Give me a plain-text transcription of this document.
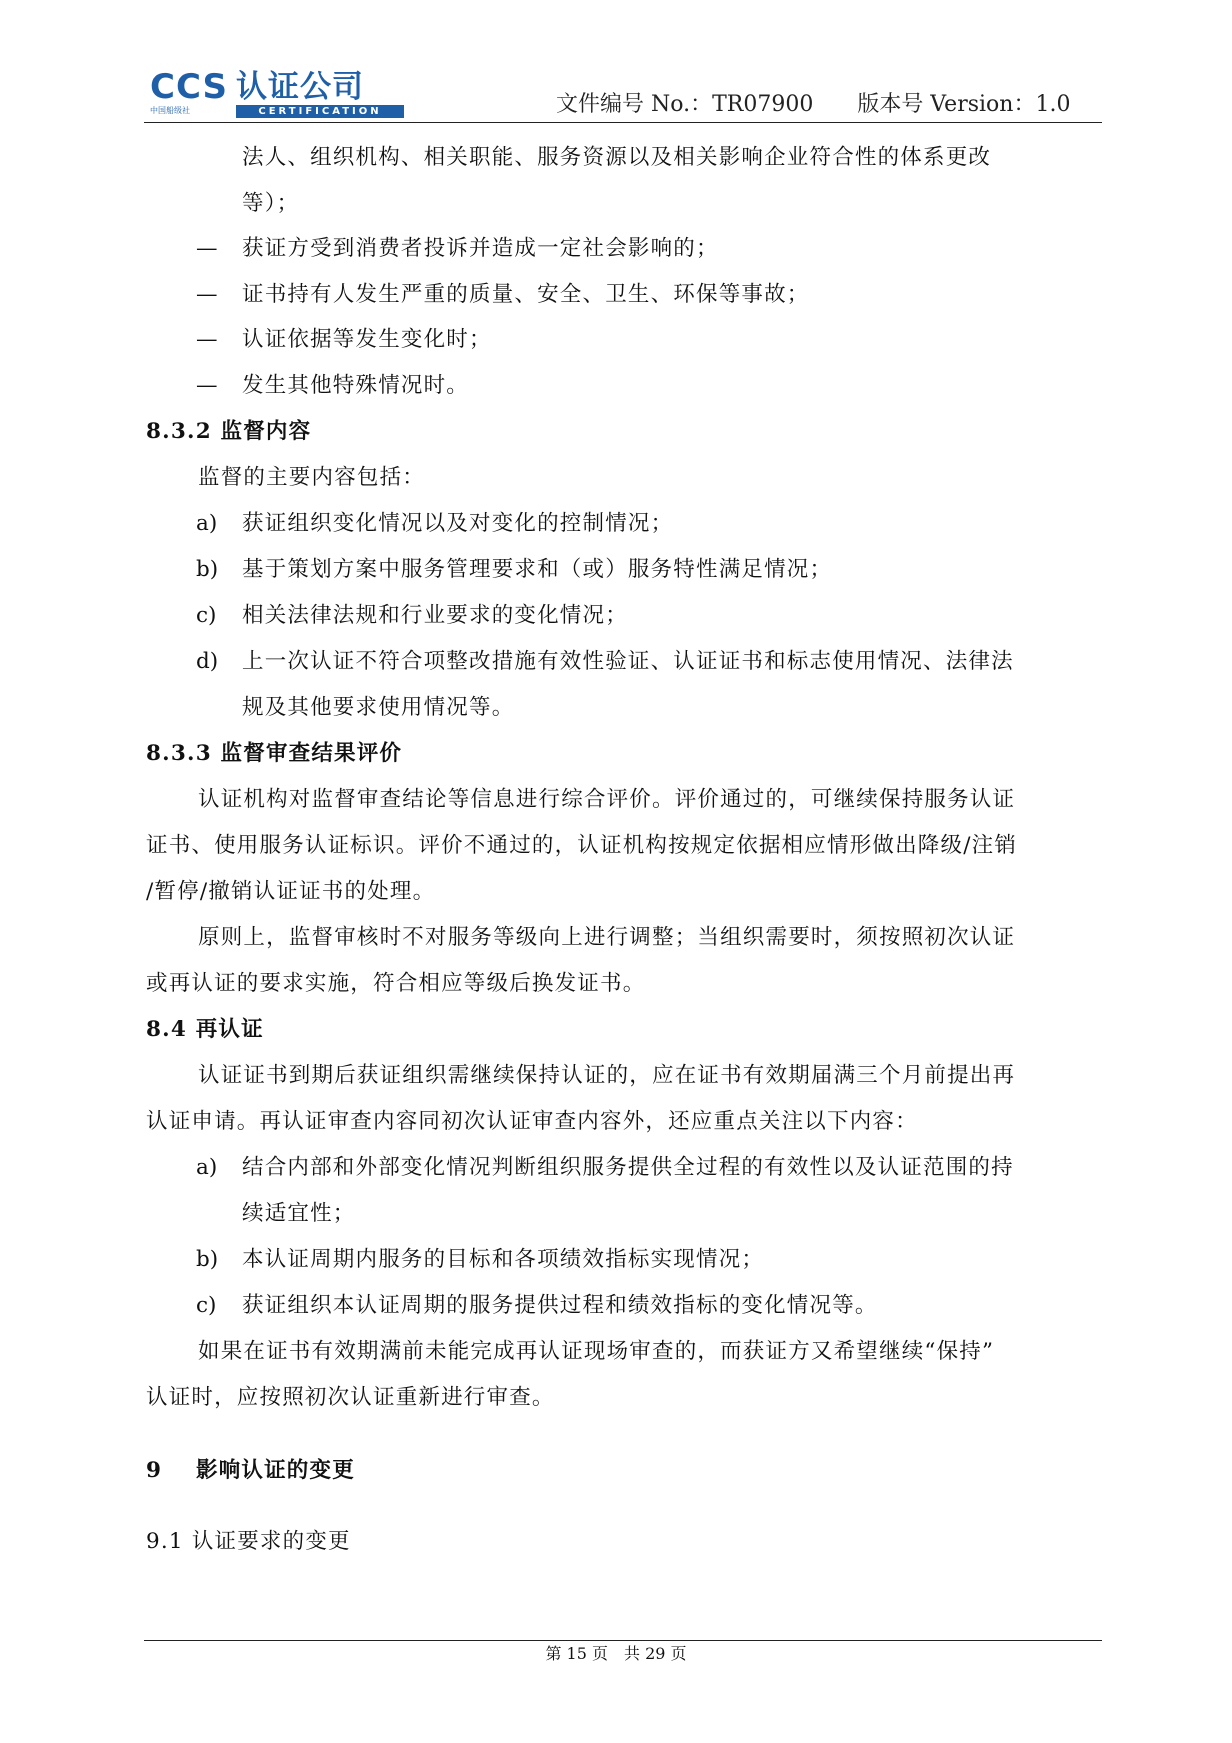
CCS
中国船级社
认证公司
CERTIFICATION	文件编号 No.：TR07900　　版本号 Version：1.0
法人、组织机构、相关职能、服务资源以及相关影响企业符合性的体系更改
等）；
— 获证方受到消费者投诉并造成一定社会影响的；
— 证书持有人发生严重的质量、安全、卫生、环保等事故；
— 认证依据等发生变化时；
— 发生其他特殊情况时。
8.3.2 监督内容
监督的主要内容包括：
a) 获证组织变化情况以及对变化的控制情况；
b) 基于策划方案中服务管理要求和（或）服务特性满足情况；
c) 相关法律法规和行业要求的变化情况；
d) 上一次认证不符合项整改措施有效性验证、认证证书和标志使用情况、法律法
规及其他要求使用情况等。
8.3.3 监督审查结果评价
认证机构对监督审查结论等信息进行综合评价。评价通过的，可继续保持服务认证
证书、使用服务认证标识。评价不通过的，认证机构按规定依据相应情形做出降级/注销
/暂停/撤销认证证书的处理。
原则上，监督审核时不对服务等级向上进行调整；当组织需要时，须按照初次认证
或再认证的要求实施，符合相应等级后换发证书。
8.4 再认证
认证证书到期后获证组织需继续保持认证的，应在证书有效期届满三个月前提出再
认证申请。再认证审查内容同初次认证审查内容外，还应重点关注以下内容：
a) 结合内部和外部变化情况判断组织服务提供全过程的有效性以及认证范围的持
续适宜性；
b) 本认证周期内服务的目标和各项绩效指标实现情况；
c) 获证组织本认证周期的服务提供过程和绩效指标的变化情况等。
如果在证书有效期满前未能完成再认证现场审查的，而获证方又希望继续“保持”
认证时，应按照初次认证重新进行审查。
9 影响认证的变更
9.1 认证要求的变更
第 15 页　共 29 页
